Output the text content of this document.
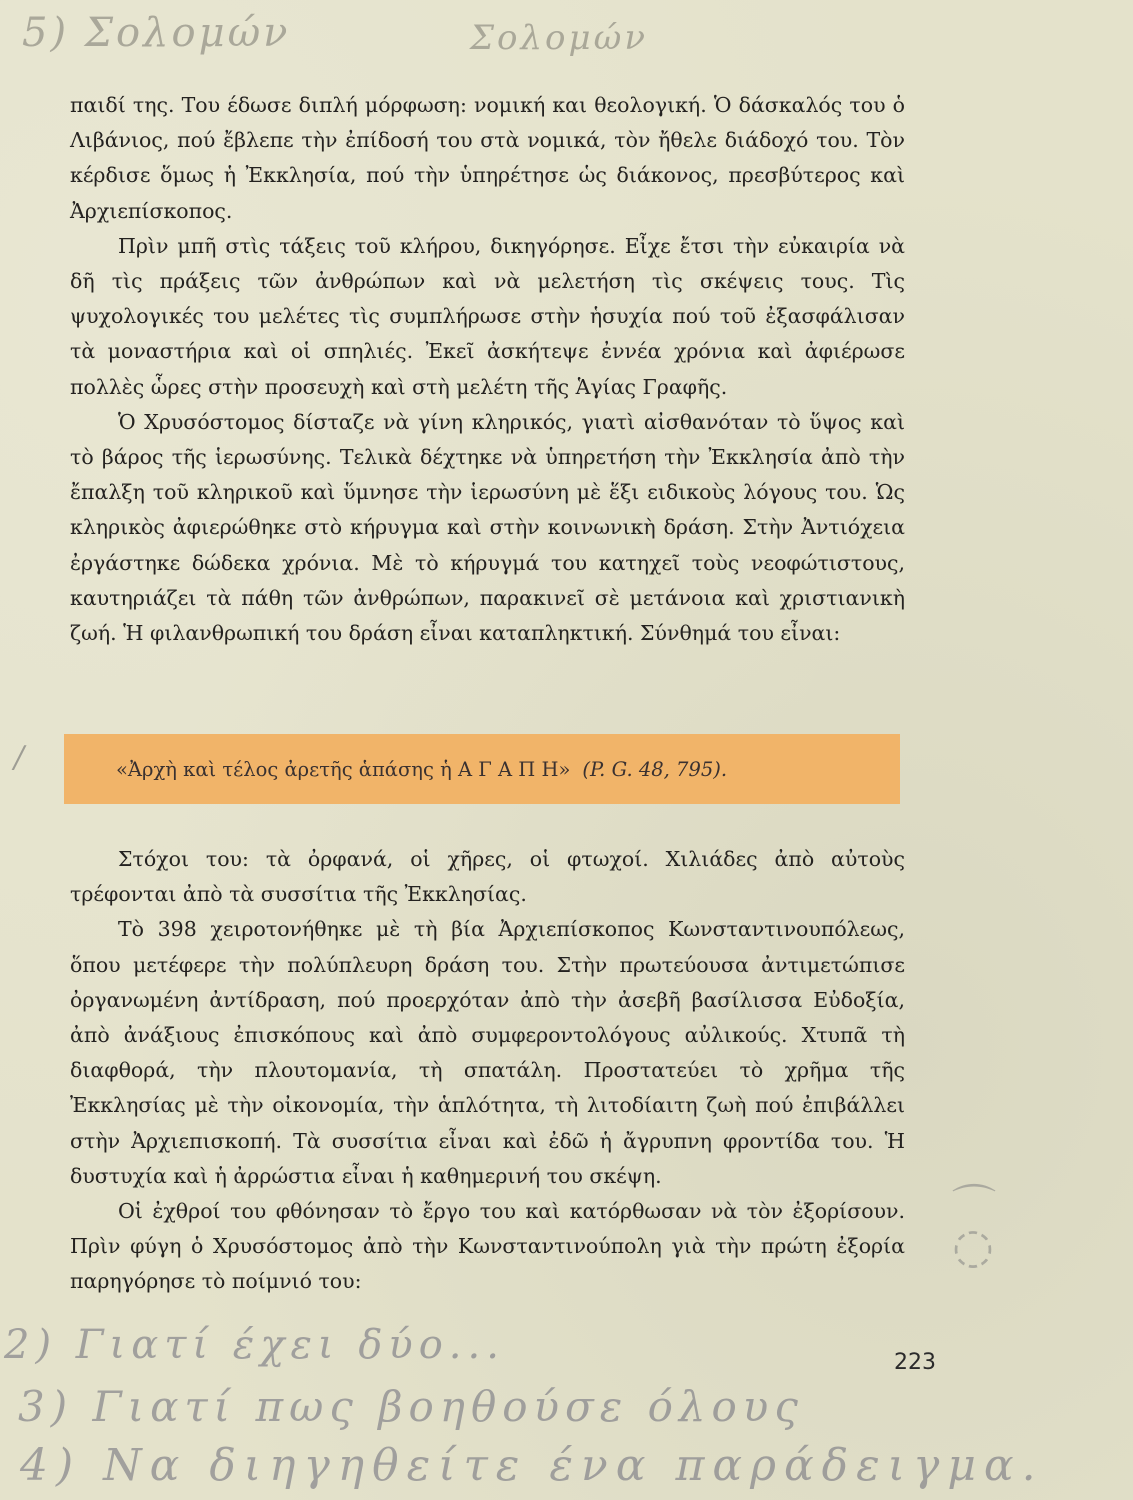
5) Σολομών	Σολομών

παιδί της. Του έδωσε διπλή μόρφωση: νομική και θεολογική. Ὁ δάσκαλός του ὁ Λιβάνιος, πού ἔβλεπε τὴν ἐπίδοσή του στὰ νομικά, τὸν ἤθελε διάδοχό του. Τὸν κέρδισε ὅμως ἡ Ἐκκλησία, πού τὴν ὑπηρέτησε ὡς διάκονος, πρεσβύτερος καὶ Ἀρχιεπίσκοπος.

Πρὶν μπῆ στὶς τάξεις τοῦ κλήρου, δικηγόρησε. Εἶχε ἔτσι τὴν εὐκαιρία νὰ δῆ τὶς πράξεις τῶν ἀνθρώπων καὶ νὰ μελετήση τὶς σκέψεις τους. Τὶς ψυχολογικές του μελέτες τὶς συμπλήρωσε στὴν ἡσυχία πού τοῦ ἐξασφάλισαν τὰ μοναστήρια καὶ οἱ σπηλιές. Ἐκεῖ ἀσκήτεψε ἐννέα χρόνια καὶ ἀφιέρωσε πολλὲς ὧρες στὴν προσευχὴ καὶ στὴ μελέτη τῆς Ἁγίας Γραφῆς.

Ὁ Χρυσόστομος δίσταζε νὰ γίνη κληρικός, γιατὶ αἰσθανόταν τὸ ὕψος καὶ τὸ βάρος τῆς ἱερωσύνης. Τελικὰ δέχτηκε νὰ ὑπηρετήση τὴν Ἐκκλησία ἀπὸ τὴν ἔπαλξη τοῦ κληρικοῦ καὶ ὕμνησε τὴν ἱερωσύνη μὲ ἕξι ειδικοὺς λόγους του. Ὡς κληρικὸς ἀφιερώθηκε στὸ κήρυγμα καὶ στὴν κοινωνικὴ δράση. Στὴν Ἀντιόχεια ἐργάστηκε δώδεκα χρόνια. Μὲ τὸ κήρυγμά του κατηχεῖ τοὺς νεοφώτιστους, καυτηριάζει τὰ πάθη τῶν ἀνθρώπων, παρακινεῖ σὲ μετάνοια καὶ χριστιανικὴ ζωή. Ἡ φιλανθρωπική του δράση εἶναι καταπληκτική. Σύνθημά του εἶναι:

/	«Ἀρχὴ καὶ τέλος ἀρετῆς ἁπάσης ἡ Α Γ Α Π Η» (P. G. 48, 795).

Στόχοι του: τὰ ὀρφανά, οἱ χῆρες, οἱ φτωχοί. Χιλιάδες ἀπὸ αὐτοὺς τρέφονται ἀπὸ τὰ συσσίτια τῆς Ἐκκλησίας.

Τὸ 398 χειροτονήθηκε μὲ τὴ βία Ἀρχιεπίσκοπος Κωνσταντινουπόλεως, ὅπου μετέφερε τὴν πολύπλευρη δράση του. Στὴν πρωτεύουσα ἀντιμετώπισε ὀργανωμένη ἀντίδραση, πού προερχόταν ἀπὸ τὴν ἀσεβῆ βασίλισσα Εὐδοξία, ἀπὸ ἀνάξιους ἐπισκόπους καὶ ἀπὸ συμφεροντολόγους αὐλικούς. Χτυπᾶ τὴ διαφθορά, τὴν πλουτομανία, τὴ σπατάλη. Προστατεύει τὸ χρῆμα τῆς Ἐκκλησίας μὲ τὴν οἰκονομία, τὴν ἁπλότητα, τὴ λιτοδίαιτη ζωὴ πού ἐπιβάλλει στὴν Ἀρχιεπισκοπή. Τὰ συσσίτια εἶναι καὶ ἐδῶ ἡ ἄγρυπνη φροντίδα του. Ἡ δυστυχία καὶ ἡ ἀρρώστια εἶναι ἡ καθημερινή του σκέψη.

Οἱ ἐχθροί του φθόνησαν τὸ ἔργο του καὶ κατόρθωσαν νὰ τὸν ἐξορίσουν. Πρὶν φύγη ὁ Χρυσόστομος ἀπὸ τὴν Κωνσταντινούπολη γιὰ τὴν πρώτη ἐξορία παρηγόρησε τὸ ποίμνιό του:

⌒
◌
223
2) Γιατί έχει δύο...
3) Γιατί πως βοηθούσε όλους
4) Να διηγηθείτε ένα παράδειγμα.
